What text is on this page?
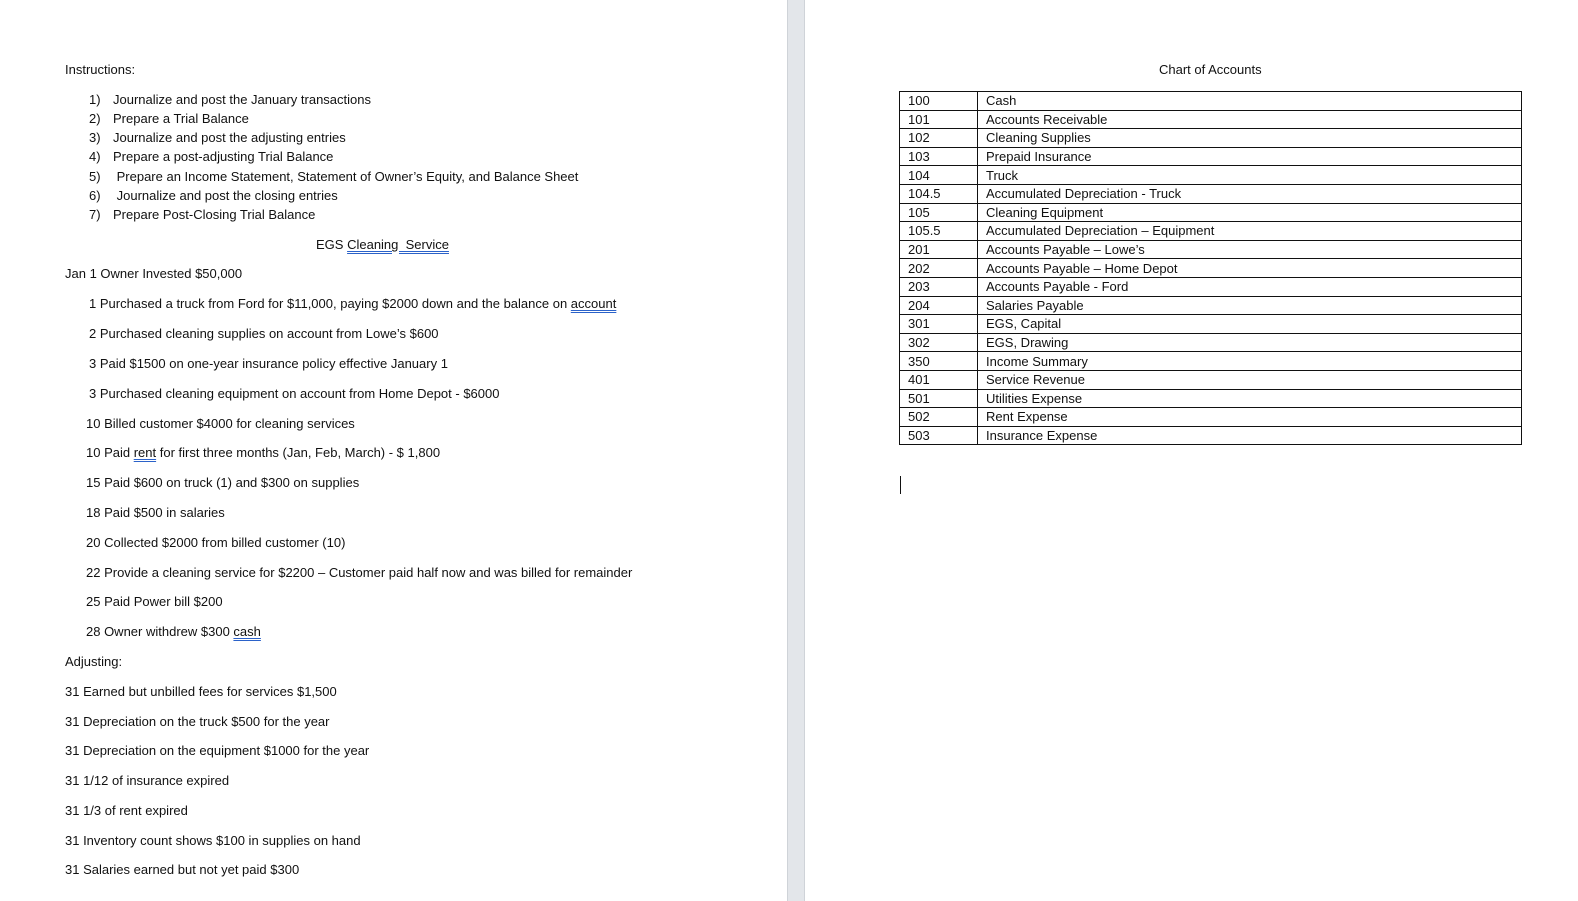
Instructions:
1) Journalize and post the January transactions
2) Prepare a Trial Balance
3) Journalize and post the adjusting entries
4) Prepare a post-adjusting Trial Balance
5) Prepare an Income Statement, Statement of Owner’s Equity, and Balance Sheet
6) Journalize and post the closing entries
7) Prepare Post-Closing Trial Balance
EGS Cleaning  Service
Jan 1 Owner Invested $50,000
1 Purchased a truck from Ford for $11,000, paying $2000 down and the balance on account
2 Purchased cleaning supplies on account from Lowe’s $600
3 Paid $1500 on one-year insurance policy effective January 1
3 Purchased cleaning equipment on account from Home Depot - $6000
10 Billed customer $4000 for cleaning services
10 Paid rent for first three months (Jan, Feb, March) - $ 1,800
15 Paid $600 on truck (1) and $300 on supplies
18 Paid $500 in salaries
20 Collected $2000 from billed customer (10)
22 Provide a cleaning service for $2200 – Customer paid half now and was billed for remainder
25 Paid Power bill $200
28 Owner withdrew $300 cash
Adjusting:
31 Earned but unbilled fees for services $1,500
31 Depreciation on the truck $500 for the year
31 Depreciation on the equipment $1000 for the year
31 1/12 of insurance expired
31 1/3 of rent expired
31 Inventory count shows $100 in supplies on hand
31 Salaries earned but not yet paid $300
Chart of Accounts
100	Cash
101	Accounts Receivable
102	Cleaning Supplies
103	Prepaid Insurance
104	Truck
104.5	Accumulated Depreciation - Truck
105	Cleaning Equipment
105.5	Accumulated Depreciation – Equipment
201	Accounts Payable – Lowe’s
202	Accounts Payable – Home Depot
203	Accounts Payable - Ford
204	Salaries Payable
301	EGS, Capital
302	EGS, Drawing
350	Income Summary
401	Service Revenue
501	Utilities Expense
502	Rent Expense
503	Insurance Expense
